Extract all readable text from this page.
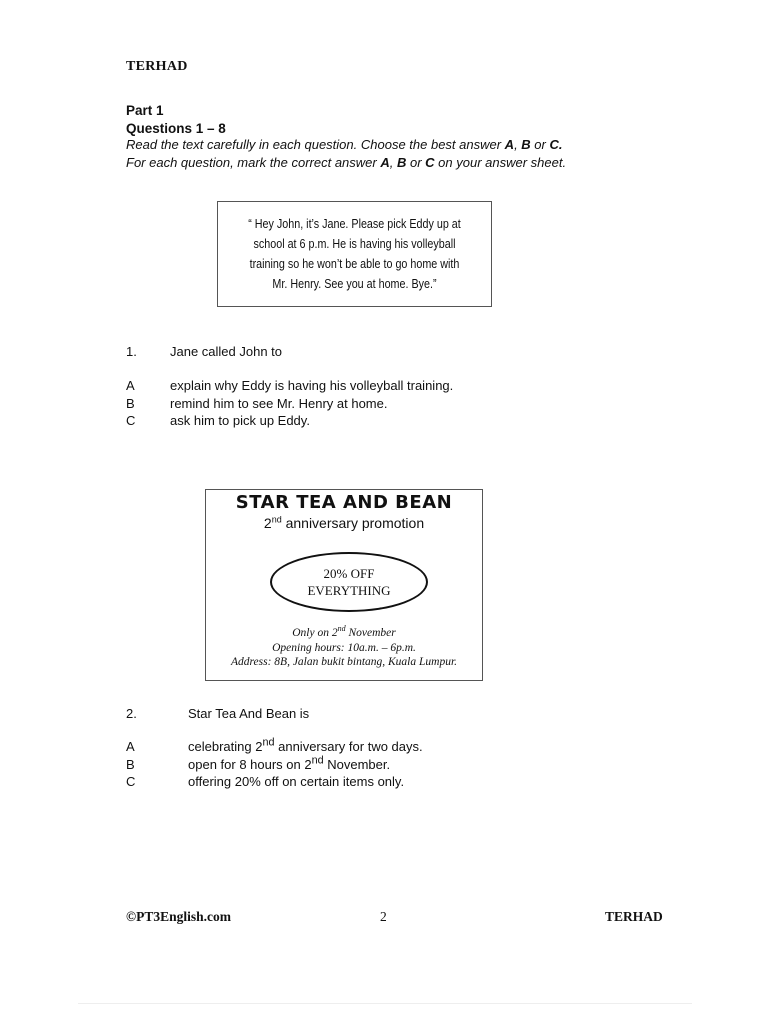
TERHAD
Part 1
Questions 1 – 8
Read the text carefully in each question. Choose the best answer A, B or C.
For each question, mark the correct answer A, B or C on your answer sheet.
“ Hey John, it’s Jane. Please pick Eddy up at school at 6 p.m. He is having his volleyball training so he won’t be able to go home with Mr. Henry. See you at home. Bye.”
1.	Jane called John to
A	explain why Eddy is having his volleyball training.
B	remind him to see Mr. Henry at home.
C	ask him to pick up Eddy.
STAR TEA AND BEAN
2nd anniversary promotion
20% OFF
EVERYTHING
Only on 2nd November
Opening hours: 10a.m. – 6p.m.
Address: 8B, Jalan bukit bintang, Kuala Lumpur.
2.	Star Tea And Bean is
A	celebrating 2nd anniversary for two days.
B	open for 8 hours on 2nd November.
C	offering 20% off on certain items only.
©PT3English.com	2	TERHAD
